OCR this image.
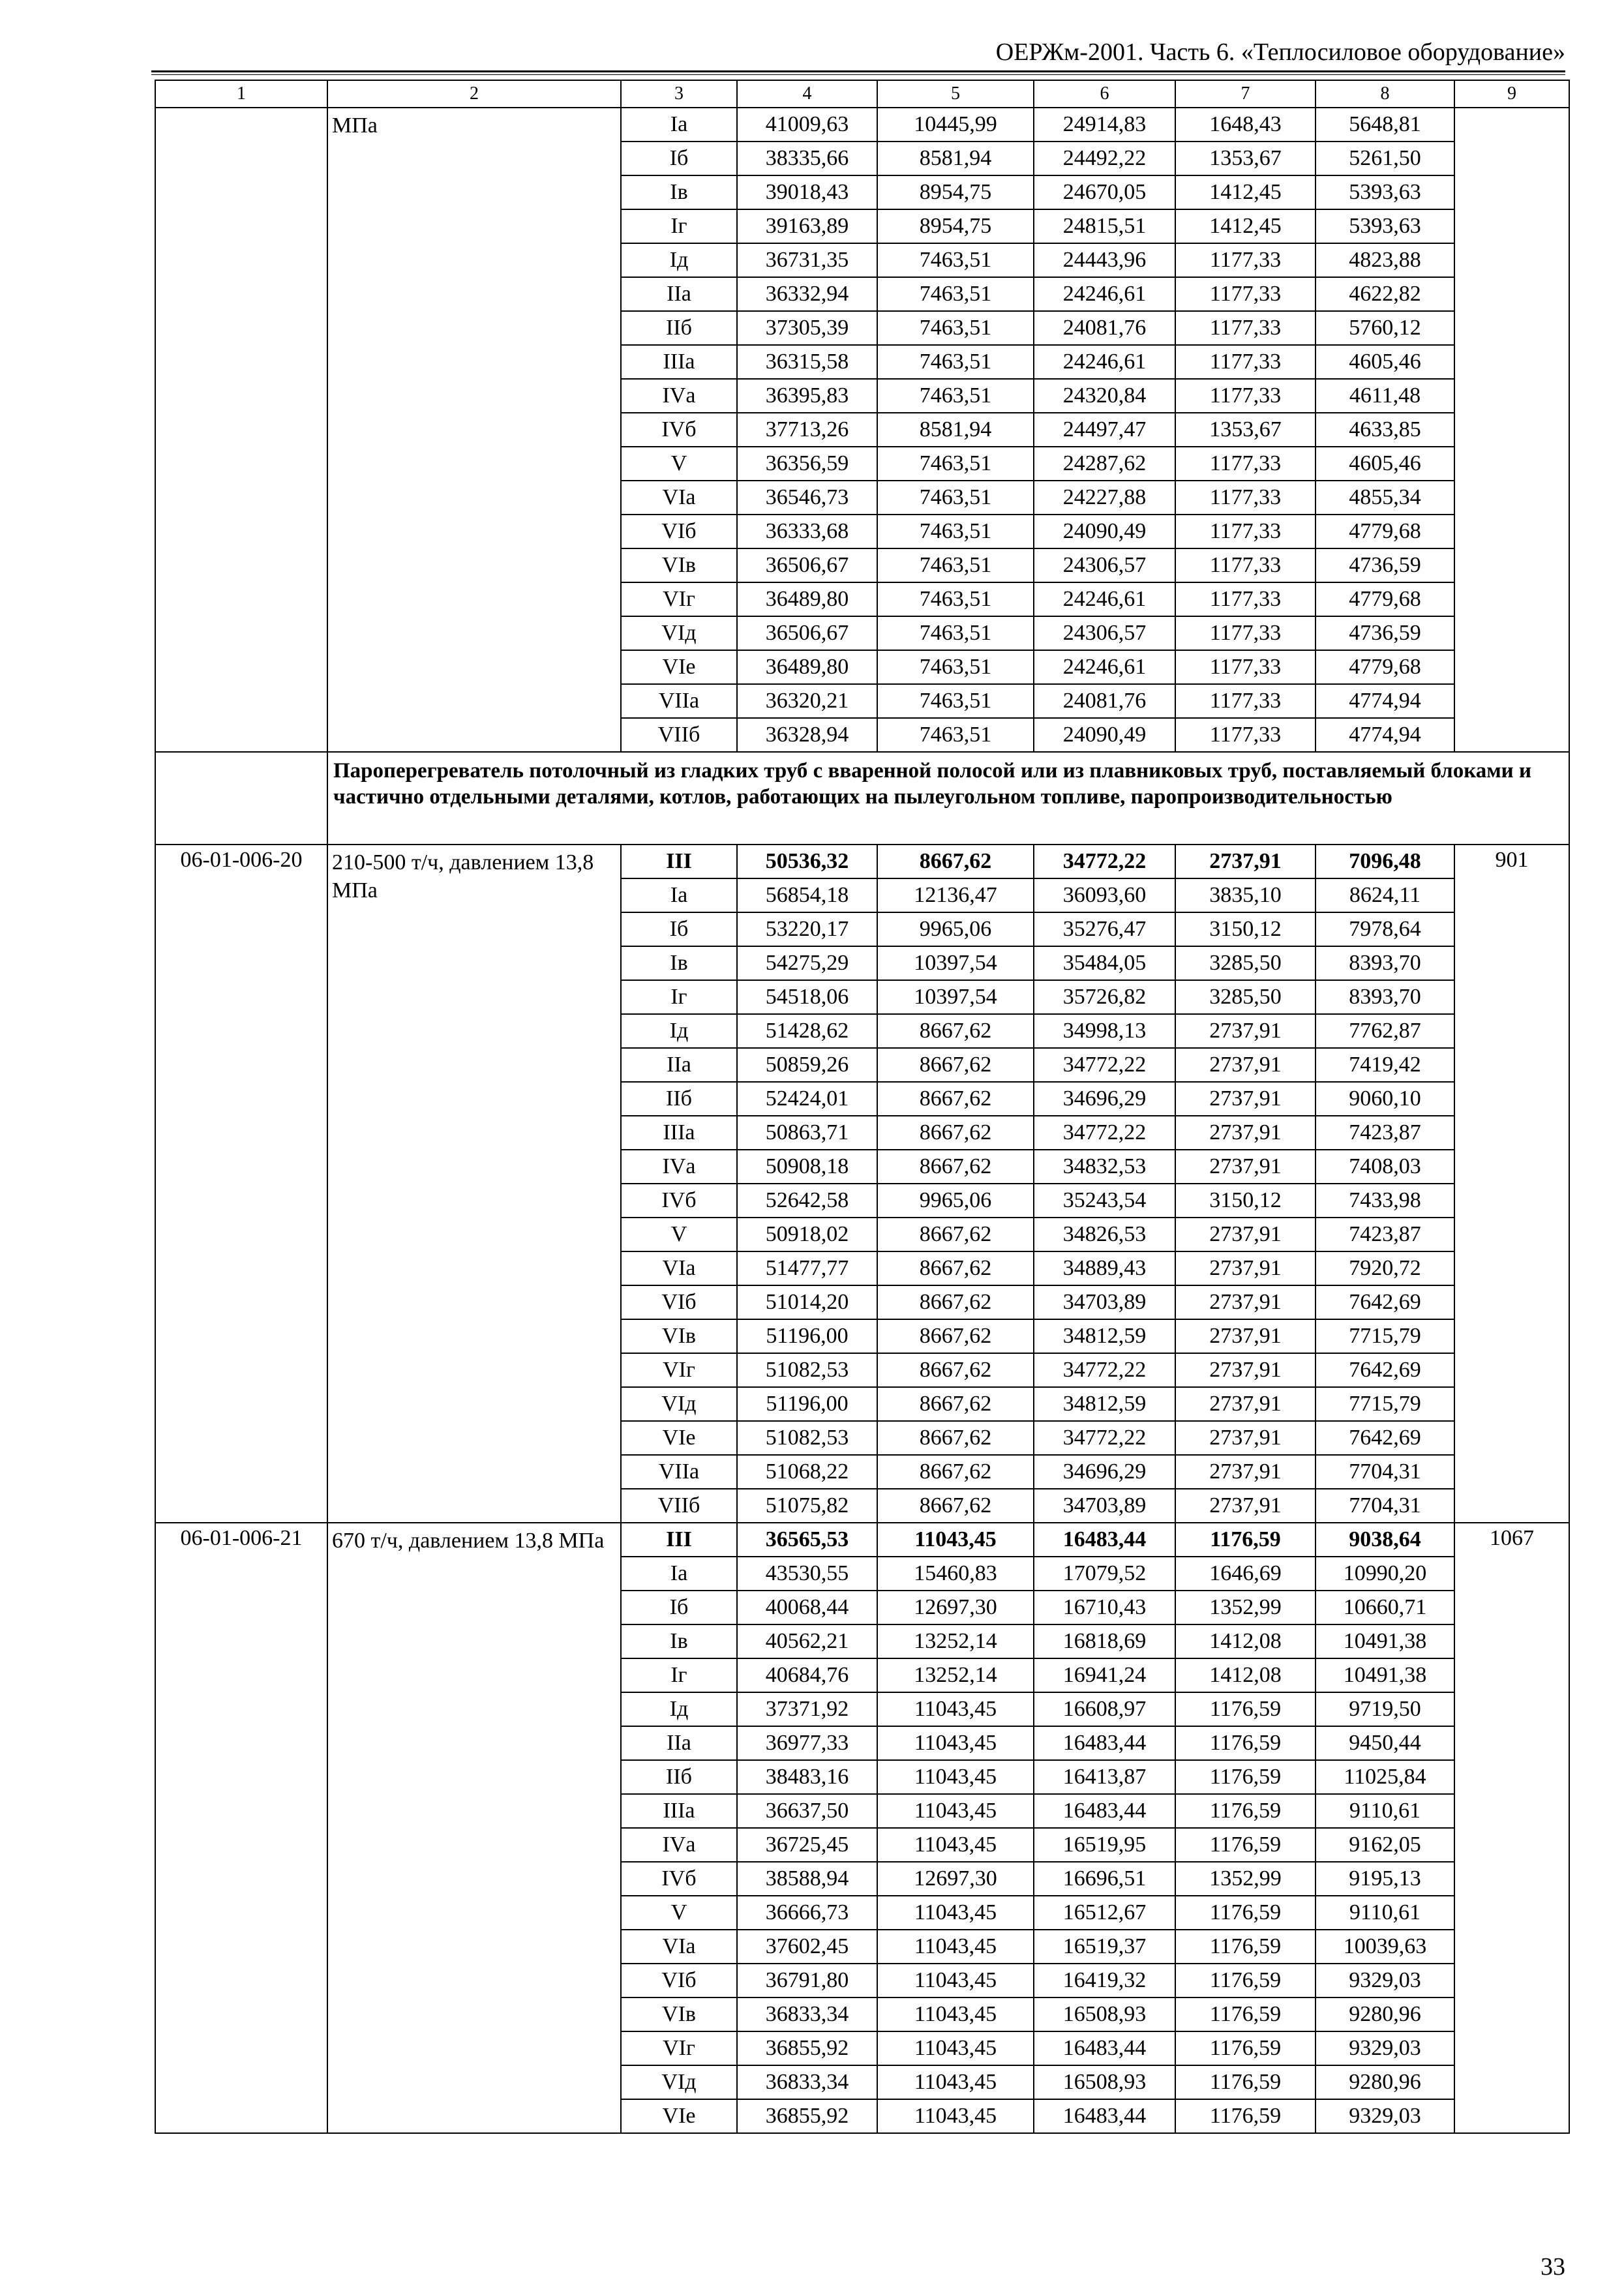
ОЕРЖм-2001. Часть 6. «Теплосиловое оборудование»
1	2	3	4	5	6	7	8	9
	МПа	Iа	41009,63	10445,99	24914,83	1648,43	5648,81	
		Iб	38335,66	8581,94	24492,22	1353,67	5261,50	
		Iв	39018,43	8954,75	24670,05	1412,45	5393,63	
		Iг	39163,89	8954,75	24815,51	1412,45	5393,63	
		Iд	36731,35	7463,51	24443,96	1177,33	4823,88	
		IIа	36332,94	7463,51	24246,61	1177,33	4622,82	
		IIб	37305,39	7463,51	24081,76	1177,33	5760,12	
		IIIа	36315,58	7463,51	24246,61	1177,33	4605,46	
		IVа	36395,83	7463,51	24320,84	1177,33	4611,48	
		IVб	37713,26	8581,94	24497,47	1353,67	4633,85	
		V	36356,59	7463,51	24287,62	1177,33	4605,46	
		VIа	36546,73	7463,51	24227,88	1177,33	4855,34	
		VIб	36333,68	7463,51	24090,49	1177,33	4779,68	
		VIв	36506,67	7463,51	24306,57	1177,33	4736,59	
		VIг	36489,80	7463,51	24246,61	1177,33	4779,68	
		VIд	36506,67	7463,51	24306,57	1177,33	4736,59	
		VIе	36489,80	7463,51	24246,61	1177,33	4779,68	
		VIIа	36320,21	7463,51	24081,76	1177,33	4774,94	
		VIIб	36328,94	7463,51	24090,49	1177,33	4774,94	
	Пароперегреватель потолочный из гладких труб с вваренной полосой или из плавниковых труб, поставляемый блоками и частично отдельными деталями, котлов, работающих на пылеугольном топливе, паропроизводительностью							
06-01-006-20	210-500 т/ч, давлением 13,8 МПа	III	50536,32	8667,62	34772,22	2737,91	7096,48	901
		Iа	56854,18	12136,47	36093,60	3835,10	8624,11	
		Iб	53220,17	9965,06	35276,47	3150,12	7978,64	
		Iв	54275,29	10397,54	35484,05	3285,50	8393,70	
		Iг	54518,06	10397,54	35726,82	3285,50	8393,70	
		Iд	51428,62	8667,62	34998,13	2737,91	7762,87	
		IIа	50859,26	8667,62	34772,22	2737,91	7419,42	
		IIб	52424,01	8667,62	34696,29	2737,91	9060,10	
		IIIа	50863,71	8667,62	34772,22	2737,91	7423,87	
		IVа	50908,18	8667,62	34832,53	2737,91	7408,03	
		IVб	52642,58	9965,06	35243,54	3150,12	7433,98	
		V	50918,02	8667,62	34826,53	2737,91	7423,87	
		VIа	51477,77	8667,62	34889,43	2737,91	7920,72	
		VIб	51014,20	8667,62	34703,89	2737,91	7642,69	
		VIв	51196,00	8667,62	34812,59	2737,91	7715,79	
		VIг	51082,53	8667,62	34772,22	2737,91	7642,69	
		VIд	51196,00	8667,62	34812,59	2737,91	7715,79	
		VIе	51082,53	8667,62	34772,22	2737,91	7642,69	
		VIIа	51068,22	8667,62	34696,29	2737,91	7704,31	
		VIIб	51075,82	8667,62	34703,89	2737,91	7704,31	
06-01-006-21	670 т/ч, давлением 13,8 МПа	III	36565,53	11043,45	16483,44	1176,59	9038,64	1067
		Iа	43530,55	15460,83	17079,52	1646,69	10990,20	
		Iб	40068,44	12697,30	16710,43	1352,99	10660,71	
		Iв	40562,21	13252,14	16818,69	1412,08	10491,38	
		Iг	40684,76	13252,14	16941,24	1412,08	10491,38	
		Iд	37371,92	11043,45	16608,97	1176,59	9719,50	
		IIа	36977,33	11043,45	16483,44	1176,59	9450,44	
		IIб	38483,16	11043,45	16413,87	1176,59	11025,84	
		IIIа	36637,50	11043,45	16483,44	1176,59	9110,61	
		IVа	36725,45	11043,45	16519,95	1176,59	9162,05	
		IVб	38588,94	12697,30	16696,51	1352,99	9195,13	
		V	36666,73	11043,45	16512,67	1176,59	9110,61	
		VIа	37602,45	11043,45	16519,37	1176,59	10039,63	
		VIб	36791,80	11043,45	16419,32	1176,59	9329,03	
		VIв	36833,34	11043,45	16508,93	1176,59	9280,96	
		VIг	36855,92	11043,45	16483,44	1176,59	9329,03	
		VIд	36833,34	11043,45	16508,93	1176,59	9280,96	
		VIе	36855,92	11043,45	16483,44	1176,59	9329,03	
33
